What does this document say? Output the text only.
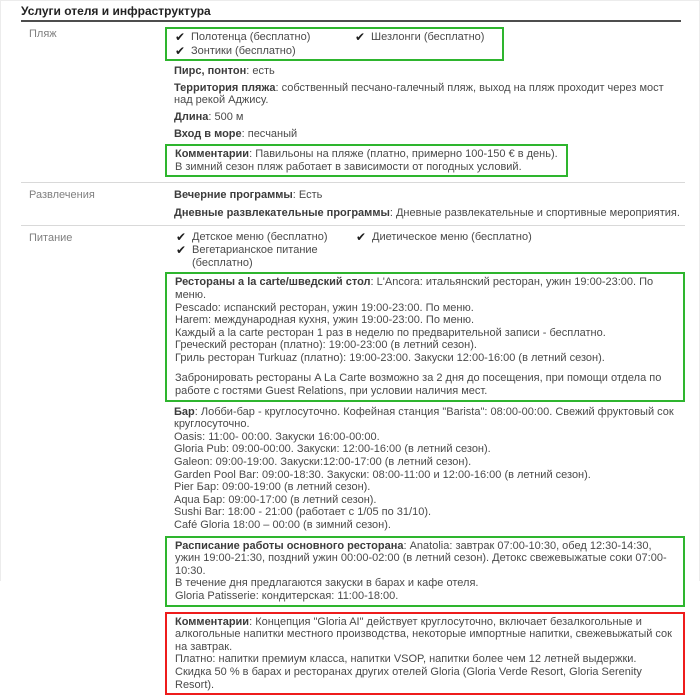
Услуги отеля и инфраструктура
Пляж	✔ Полотенца (бесплатно)	✔ Шезлонги (бесплатно)
✔ Зонтики (бесплатно)

Пирс, понтон: есть

Территория пляжа: собственный песчано-галечный пляж, выход на пляж проходит через мост над рекой Аджису.

Длина: 500 м

Вход в море: песчаный

Комментарии: Павильоны на пляже (платно, примерно 100-150 € в день).
В зимний сезон пляж работает в зависимости от погодных условий.
Развлечения	Вечерние программы: Есть

Дневные развлекательные программы: Дневные развлекательные и спортивные мероприятия.

Питание	✔ Детское меню (бесплатно)	✔ Диетическое меню (бесплатно)
✔ Вегетарианское питание (бесплатно)
Рестораны a la carte/шведский стол: L'Ancora: итальянский ресторан, ужин 19:00-23:00. По меню.
Pescado: испанский ресторан, ужин 19:00-23:00. По меню.
Harem: международная кухня, ужин 19:00-23:00. По меню.
Каждый a la carte ресторан 1 раз в неделю по предварительной записи - бесплатно.
Греческий ресторан (платно): 19:00-23:00 (в летний сезон).
Гриль ресторан Turkuaz (платно): 19:00-23:00. Закуски 12:00-16:00 (в летний сезон).
Забронировать рестораны A La Carte возможно за 2 дня до посещения, при помощи отдела по работе с гостями Guest Relations, при условии наличия мест.
Бар: Лобби-бар - круглосуточно. Кофейная станция "Barista": 08:00-00:00. Свежий фруктовый сок круглосуточно.
Oasis: 11:00- 00:00. Закуски 16:00-00:00.
Gloria Pub: 09:00-00:00. Закуски: 12:00-16:00 (в летний сезон).
Galeon: 09:00-19:00. Закуски:12:00-17:00 (в летний сезон).
Garden Pool Bar: 09:00-18:30. Закуски: 08:00-11:00 и 12:00-16:00 (в летний сезон).
Pier Бар: 09:00-19:00 (в летний сезон).
Aqua Бар: 09:00-17:00 (в летний сезон).
Sushi Bar: 18:00 - 21:00 (работает с 1/05 по 31/10).
Café Gloria 18:00 – 00:00 (в зимний сезон).
Расписание работы основного ресторана: Anatolia: завтрак 07:00-10:30, обед 12:30-14:30, ужин 19:00-21:30, поздний ужин 00:00-02:00 (в летний сезон). Детокс свежевыжатые соки 07:00-10:30.
В течение дня предлагаются закуски в барах и кафе отеля.
Gloria Patisserie: кондитерская: 11:00-18:00.
Комментарии: Концепция "Gloria AI" действует круглосуточно, включает безалкогольные и алкогольные напитки местного производства, некоторые импортные напитки, свежевыжатый сок на завтрак.
Платно: напитки премиум класса, напитки VSOP, напитки более чем 12 летней выдержки.
Скидка 50 % в барах и ресторанах других отелей Gloria (Gloria Verde Resort, Gloria Serenity Resort).
